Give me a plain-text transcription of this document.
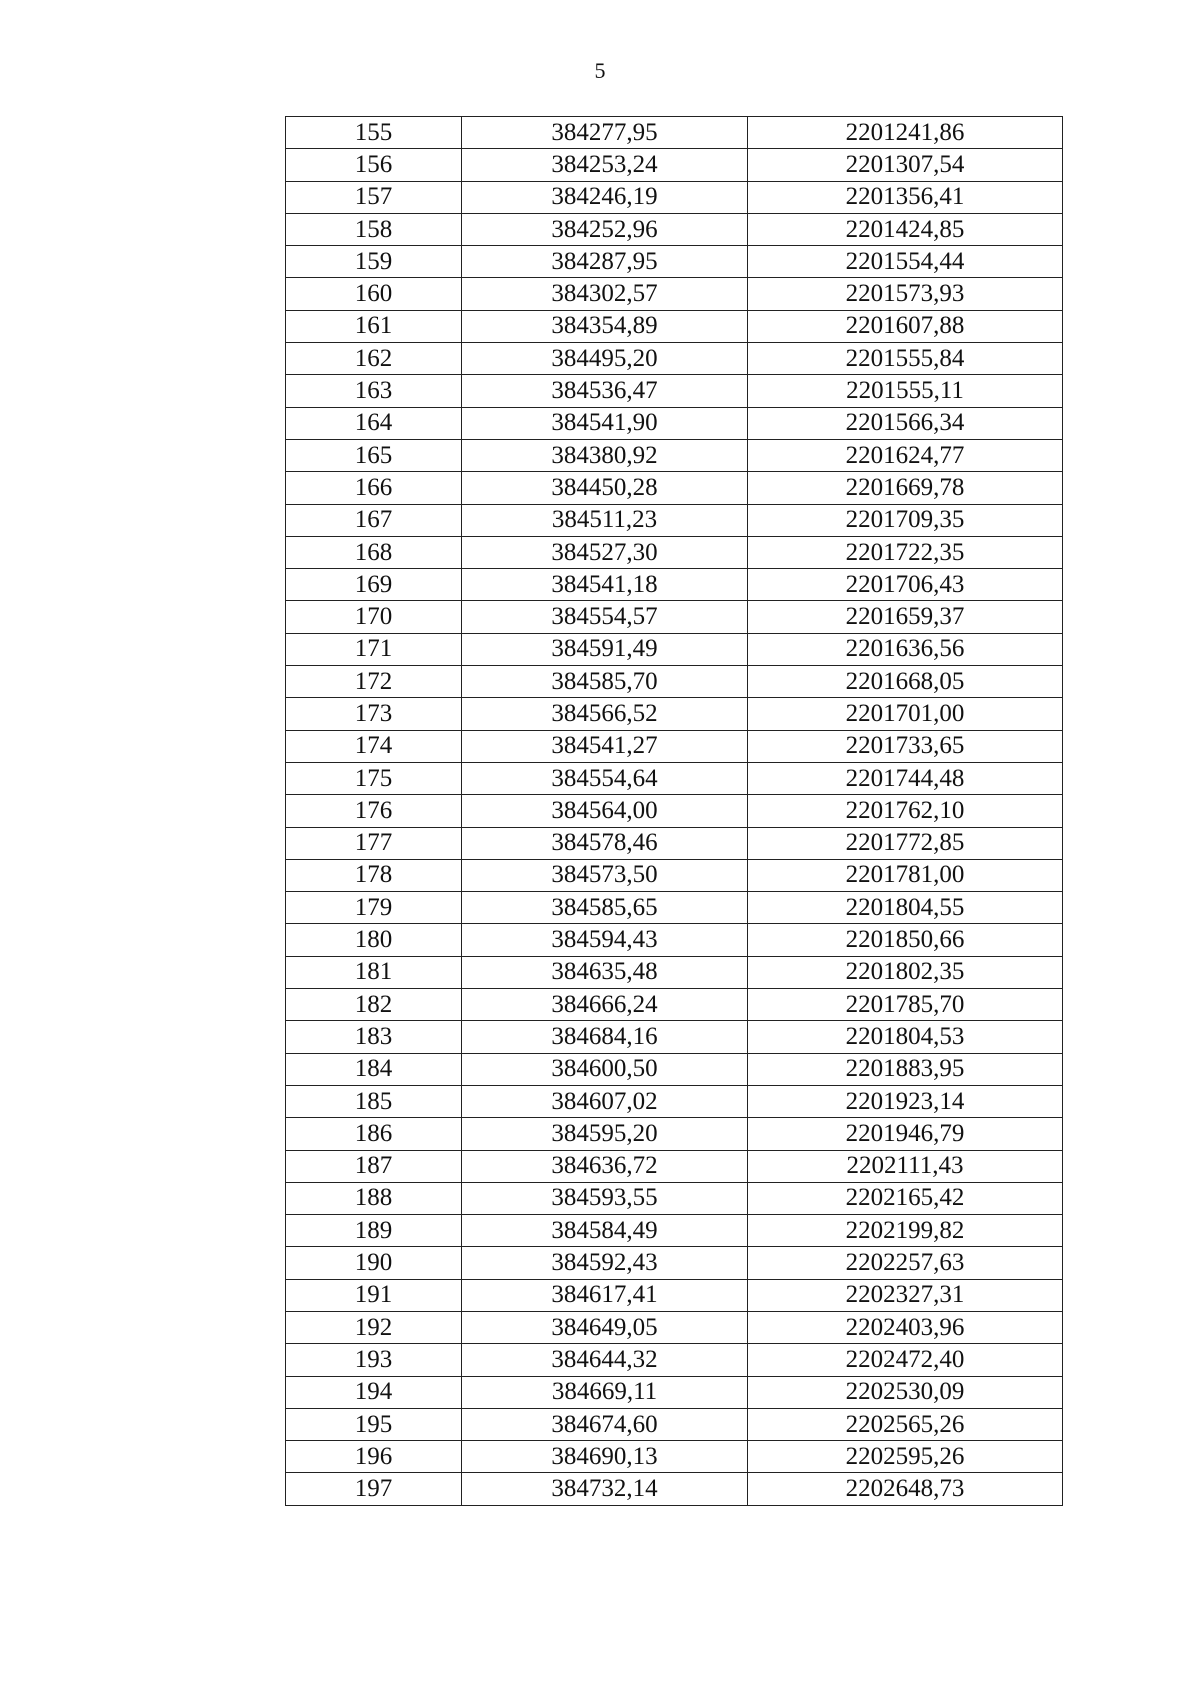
5
155	384277,95	2201241,86
156	384253,24	2201307,54
157	384246,19	2201356,41
158	384252,96	2201424,85
159	384287,95	2201554,44
160	384302,57	2201573,93
161	384354,89	2201607,88
162	384495,20	2201555,84
163	384536,47	2201555,11
164	384541,90	2201566,34
165	384380,92	2201624,77
166	384450,28	2201669,78
167	384511,23	2201709,35
168	384527,30	2201722,35
169	384541,18	2201706,43
170	384554,57	2201659,37
171	384591,49	2201636,56
172	384585,70	2201668,05
173	384566,52	2201701,00
174	384541,27	2201733,65
175	384554,64	2201744,48
176	384564,00	2201762,10
177	384578,46	2201772,85
178	384573,50	2201781,00
179	384585,65	2201804,55
180	384594,43	2201850,66
181	384635,48	2201802,35
182	384666,24	2201785,70
183	384684,16	2201804,53
184	384600,50	2201883,95
185	384607,02	2201923,14
186	384595,20	2201946,79
187	384636,72	2202111,43
188	384593,55	2202165,42
189	384584,49	2202199,82
190	384592,43	2202257,63
191	384617,41	2202327,31
192	384649,05	2202403,96
193	384644,32	2202472,40
194	384669,11	2202530,09
195	384674,60	2202565,26
196	384690,13	2202595,26
197	384732,14	2202648,73
